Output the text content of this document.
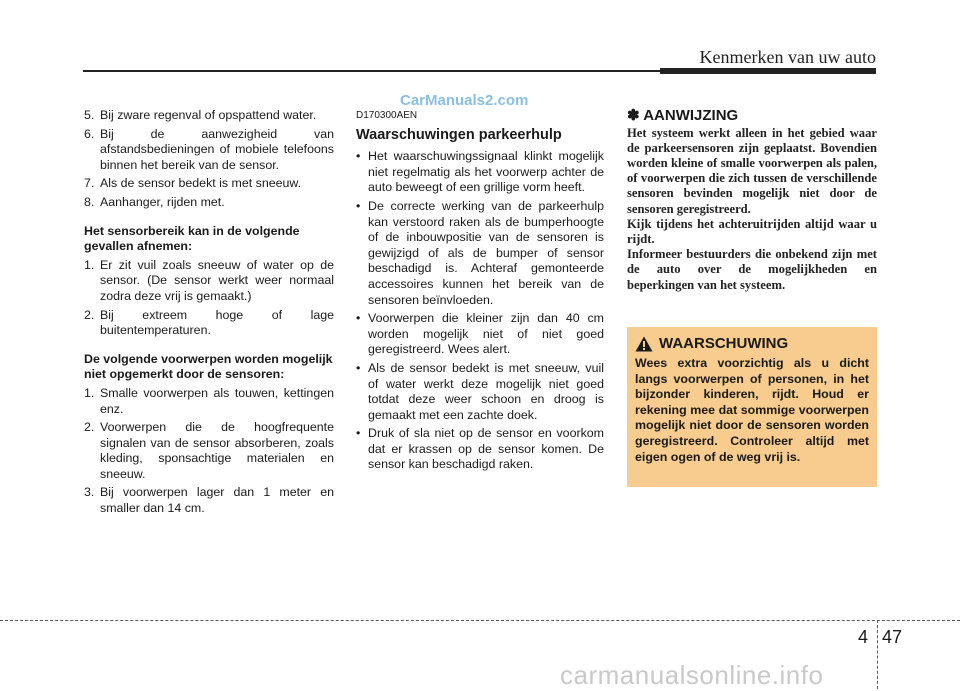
Kenmerken van uw auto
CarManuals2.com
5. Bij zware regenval of opspattend water.
6. Bij de aanwezigheid van afstandsbedieningen of mobiele telefoons binnen het bereik van de sensor.
7. Als de sensor bedekt is met sneeuw.
8. Aanhanger, rijden met.
Het sensorbereik kan in de volgende gevallen afnemen:
1. Er zit vuil zoals sneeuw of water op de sensor. (De sensor werkt weer normaal zodra deze vrij is gemaakt.)
2. Bij extreem hoge of lage buitentemperaturen.
De volgende voorwerpen worden mogelijk niet opgemerkt door de sensoren:
1. Smalle voorwerpen als touwen, kettingen enz.
2. Voorwerpen die de hoogfrequente signalen van de sensor absorberen, zoals kleding, sponsachtige materialen en sneeuw.
3. Bij voorwerpen lager dan 1 meter en smaller dan 14 cm.
D170300AEN
Waarschuwingen parkeerhulp
• Het waarschuwingssignaal klinkt mogelijk niet regelmatig als het voorwerp achter de auto beweegt of een grillige vorm heeft.
• De correcte werking van de parkeerhulp kan verstoord raken als de bumperhoogte of de inbouwpositie van de sensoren is gewijzigd of als de bumper of sensor beschadigd is. Achteraf gemonteerde accessoires kunnen het bereik van de sensoren beïnvloeden.
• Voorwerpen die kleiner zijn dan 40 cm worden mogelijk niet of niet goed geregistreerd. Wees alert.
• Als de sensor bedekt is met sneeuw, vuil of water werkt deze mogelijk niet goed totdat deze weer schoon en droog is gemaakt met een zachte doek.
• Druk of sla niet op de sensor en voorkom dat er krassen op de sensor komen. De sensor kan beschadigd raken.
✽ AANWIJZING
Het systeem werkt alleen in het gebied waar de parkeersensoren zijn geplaatst. Bovendien worden kleine of smalle voorwerpen als palen, of voorwerpen die zich tussen de verschillende sensoren bevinden mogelijk niet door de sensoren geregistreerd.
Kijk tijdens het achteruitrijden altijd waar u rijdt.
Informeer bestuurders die onbekend zijn met de auto over de mogelijkheden en beperkingen van het systeem.
WAARSCHUWING
Wees extra voorzichtig als u dicht langs voorwerpen of personen, in het bijzonder kinderen, rijdt. Houd er rekening mee dat sommige voorwerpen mogelijk niet door de sensoren worden geregistreerd. Controleer altijd met eigen ogen of de weg vrij is.
4 47
carmanualsonline.info
